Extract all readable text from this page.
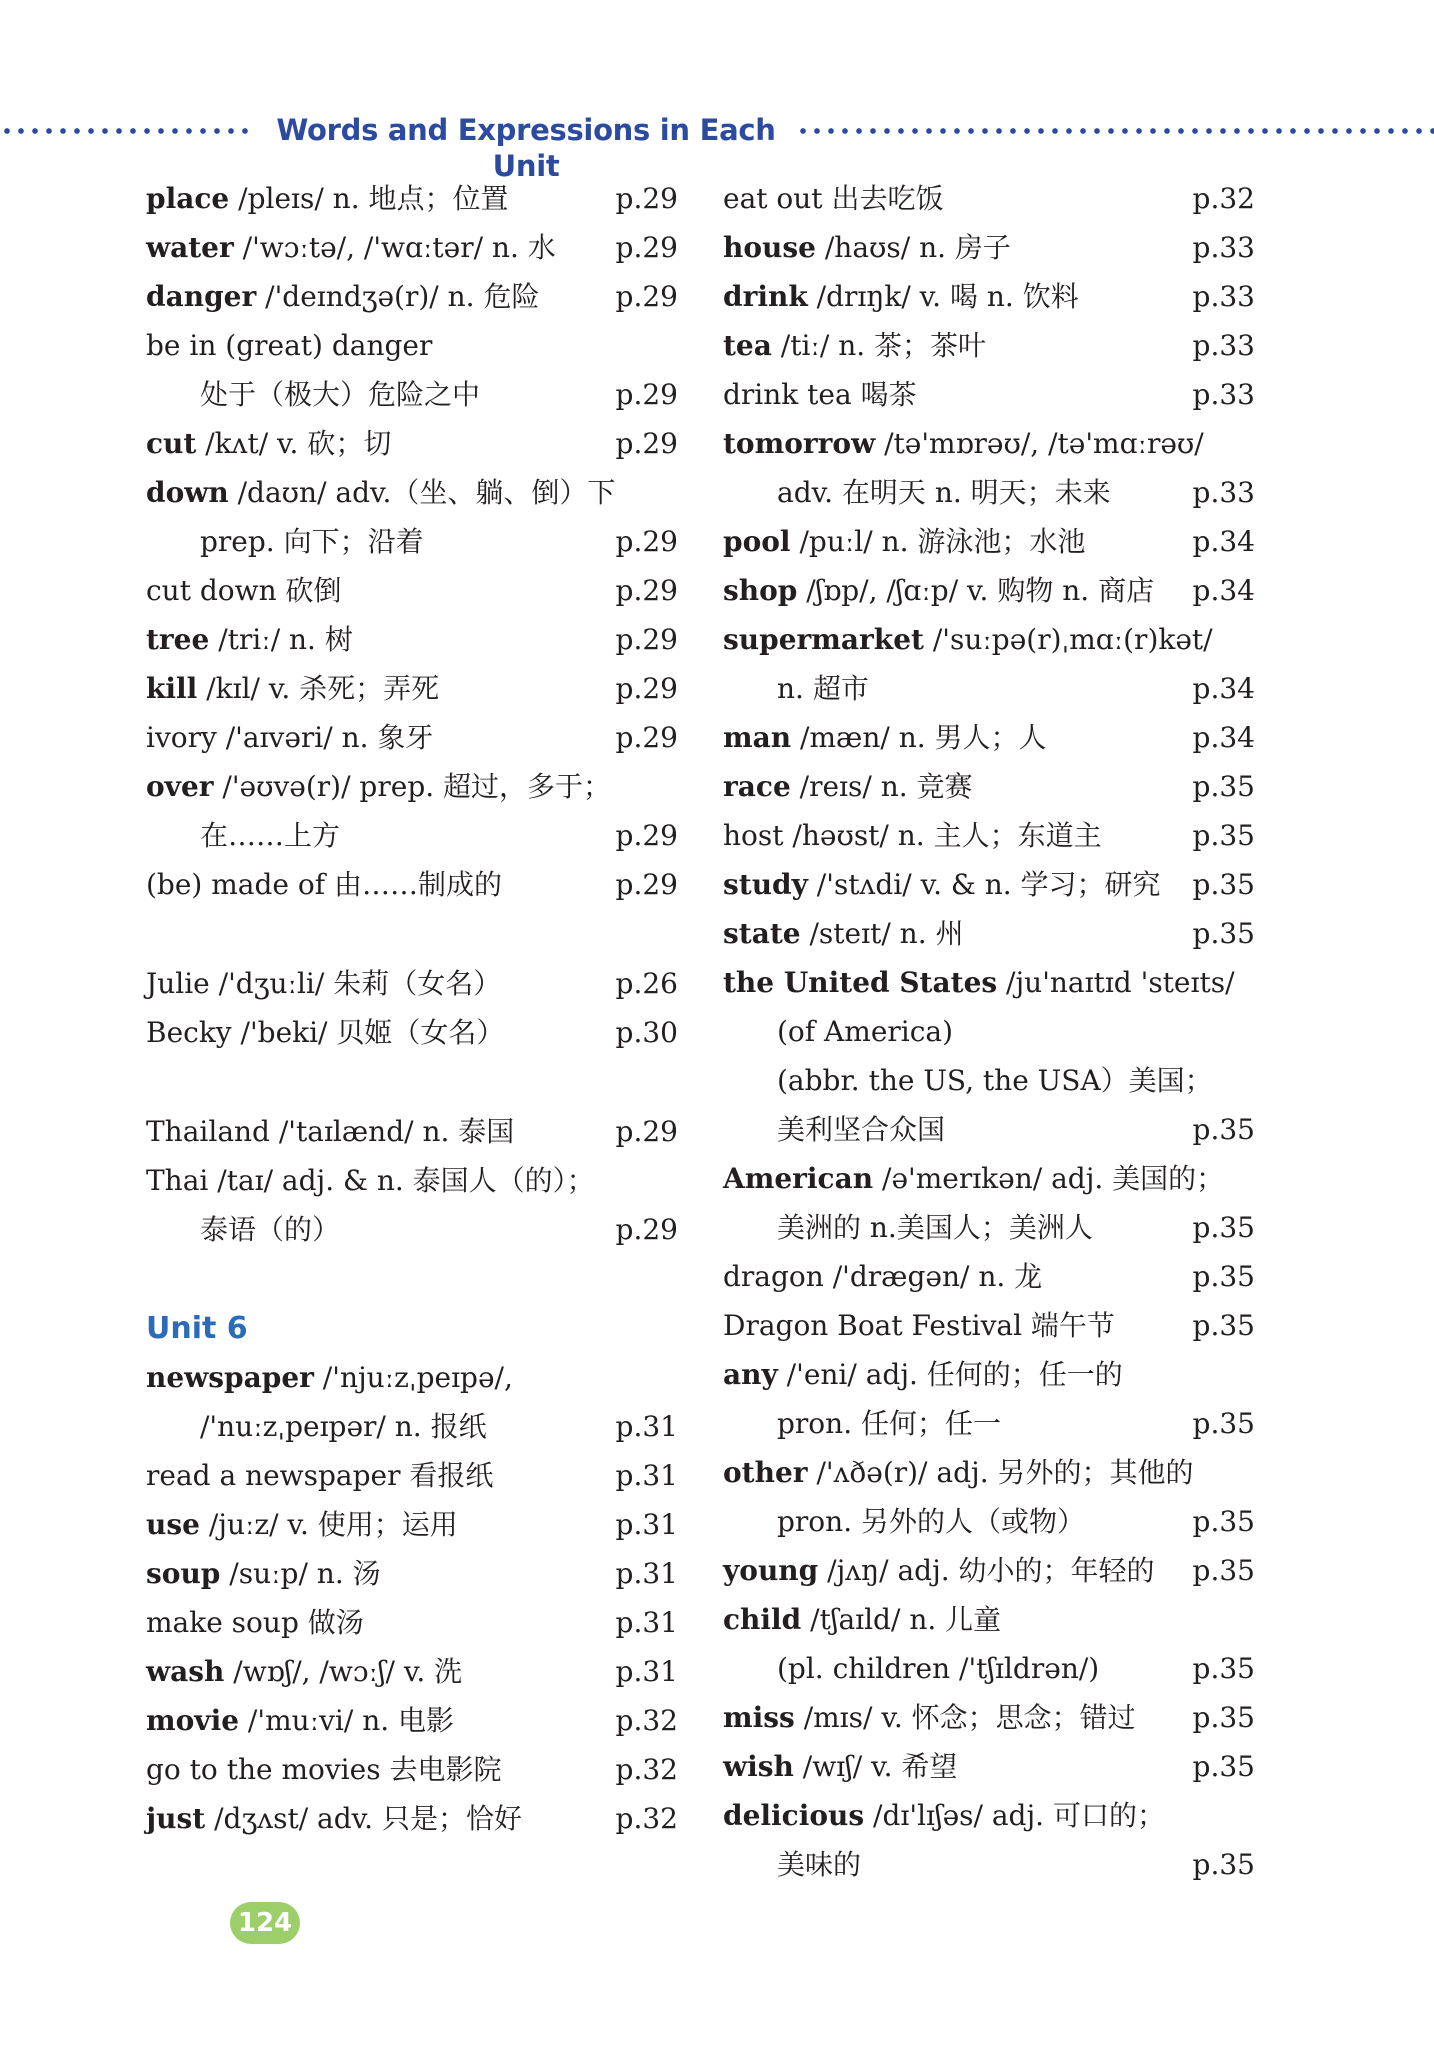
Words and Expressions in Each Unit
place /pleɪs/ n. 地点；位置	p.29
water /'wɔːtə/, /'wɑːtər/ n. 水 p.29
danger /'deɪndʒə(r)/ n. 危险	p.29
be in (great) danger
处于（极大）危险之中	p.29
cut /kʌt/ v. 砍；切	p.29
down /daʊn/ adv.（坐、躺、倒）下
prep. 向下；沿着	p.29
cut down 砍倒	p.29
tree /triː/ n. 树	p.29
kill /kɪl/ v. 杀死；弄死	p.29
ivory /'aɪvəri/ n. 象牙	p.29
over /'əʊvə(r)/ prep. 超过，多于；
在……上方	p.29
(be) made of 由……制成的	p.29
Julie /'dʒuːli/ 朱莉（女名）	p.26
Becky /'beki/ 贝姬（女名）	p.30
Thailand /'taɪlænd/ n. 泰国	p.29
Thai /taɪ/ adj. & n. 泰国人（的）；
泰语（的）	p.29
Unit 6
newspaper /'njuːzˌpeɪpə/,
/'nuːzˌpeɪpər/ n. 报纸	p.31
read a newspaper 看报纸	p.31
use /juːz/ v. 使用；运用	p.31
soup /suːp/ n. 汤	p.31
make soup 做汤	p.31
wash /wɒʃ/, /wɔːʃ/ v. 洗	p.31
movie /'muːvi/ n. 电影	p.32
go to the movies 去电影院	p.32
just /dʒʌst/ adv. 只是；恰好	p.32
eat out 出去吃饭	p.32
house /haʊs/ n. 房子	p.33
drink /drɪŋk/ v. 喝 n. 饮料	p.33
tea /tiː/ n. 茶；茶叶	p.33
drink tea 喝茶	p.33
tomorrow /tə'mɒrəʊ/, /tə'mɑːrəʊ/
adv. 在明天 n. 明天；未来	p.33
pool /puːl/ n. 游泳池；水池	p.34
shop /ʃɒp/, /ʃɑːp/ v. 购物 n. 商店 p.34
supermarket /'suːpə(r)ˌmɑː(r)kət/
n. 超市	p.34
man /mæn/ n. 男人；人	p.34
race /reɪs/ n. 竞赛	p.35
host /həʊst/ n. 主人；东道主	p.35
study /'stʌdi/ v. & n. 学习；研究 p.35
state /steɪt/ n. 州	p.35
the United States /ju'naɪtɪd 'steɪts/
(of America)
(abbr. the US, the USA）美国；
美利坚合众国	p.35
American /ə'merɪkən/ adj. 美国的；
美洲的 n.美国人；美洲人	p.35
dragon /'drægən/ n. 龙	p.35
Dragon Boat Festival 端午节	p.35
any /'eni/ adj. 任何的；任一的
pron. 任何；任一	p.35
other /'ʌðə(r)/ adj. 另外的；其他的
pron. 另外的人（或物）	p.35
young /jʌŋ/ adj. 幼小的；年轻的 p.35
child /tʃaɪld/ n. 儿童
(pl. children /'tʃɪldrən/)	p.35
miss /mɪs/ v. 怀念；思念；错过 p.35
wish /wɪʃ/ v. 希望	p.35
delicious /dɪ'lɪʃəs/ adj. 可口的；
美味的	p.35
124
